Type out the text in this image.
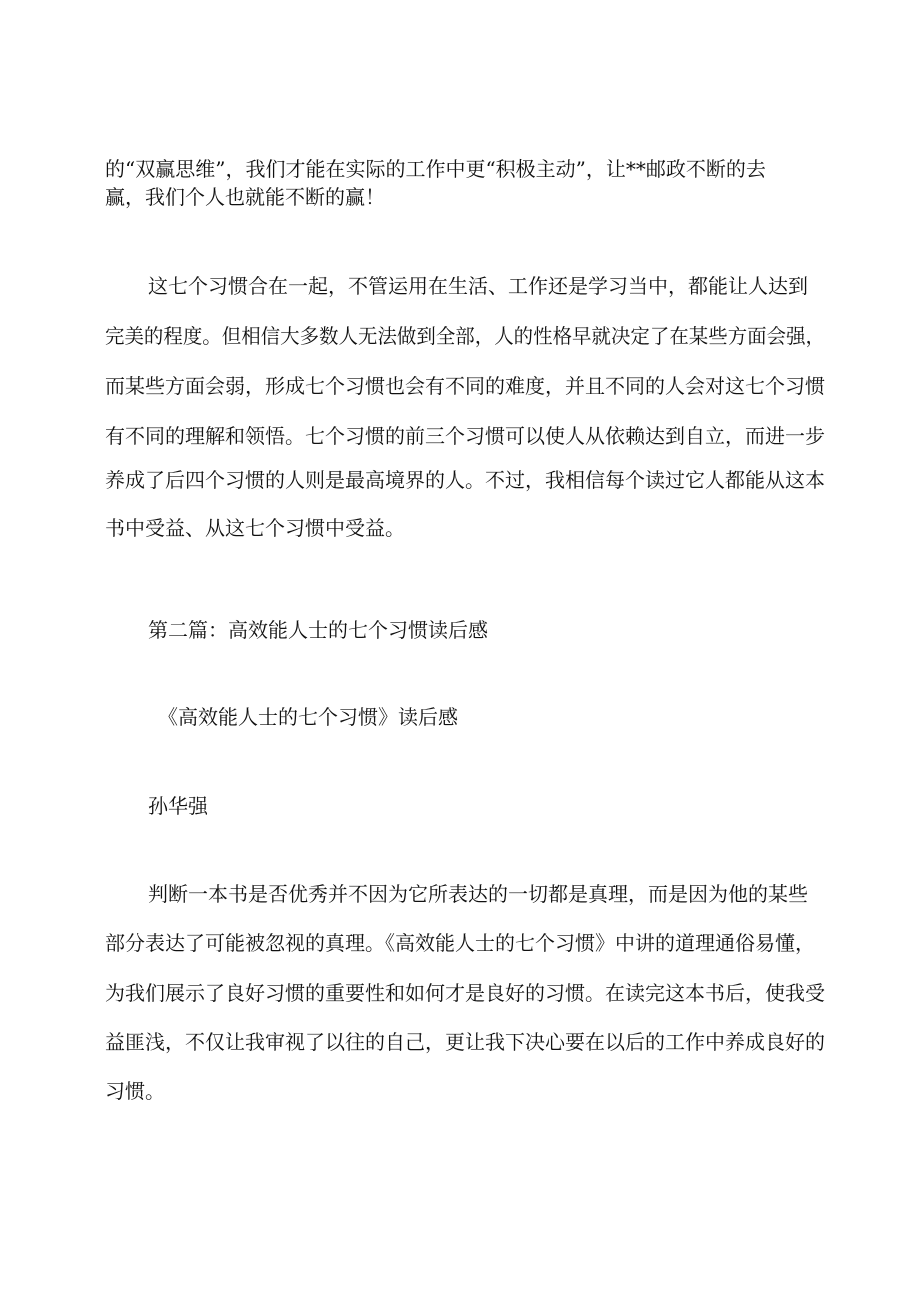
的“双赢思维”，我们才能在实际的工作中更“积极主动”，让**邮政不断的去

赢，我们个人也就能不断的赢！

这七个习惯合在一起，不管运用在生活、工作还是学习当中，都能让人达到

完美的程度。但相信大多数人无法做到全部，人的性格早就决定了在某些方面会强，

而某些方面会弱，形成七个习惯也会有不同的难度，并且不同的人会对这七个习惯

有不同的理解和领悟。七个习惯的前三个习惯可以使人从依赖达到自立，而进一步

养成了后四个习惯的人则是最高境界的人。不过，我相信每个读过它人都能从这本

书中受益、从这七个习惯中受益。

第二篇：高效能人士的七个习惯读后感

《高效能人士的七个习惯》读后感

孙华强

判断一本书是否优秀并不因为它所表达的一切都是真理，而是因为他的某些

部分表达了可能被忽视的真理。《高效能人士的七个习惯》中讲的道理通俗易懂，

为我们展示了良好习惯的重要性和如何才是良好的习惯。在读完这本书后，使我受

益匪浅，不仅让我审视了以往的自己，更让我下决心要在以后的工作中养成良好的

习惯。
